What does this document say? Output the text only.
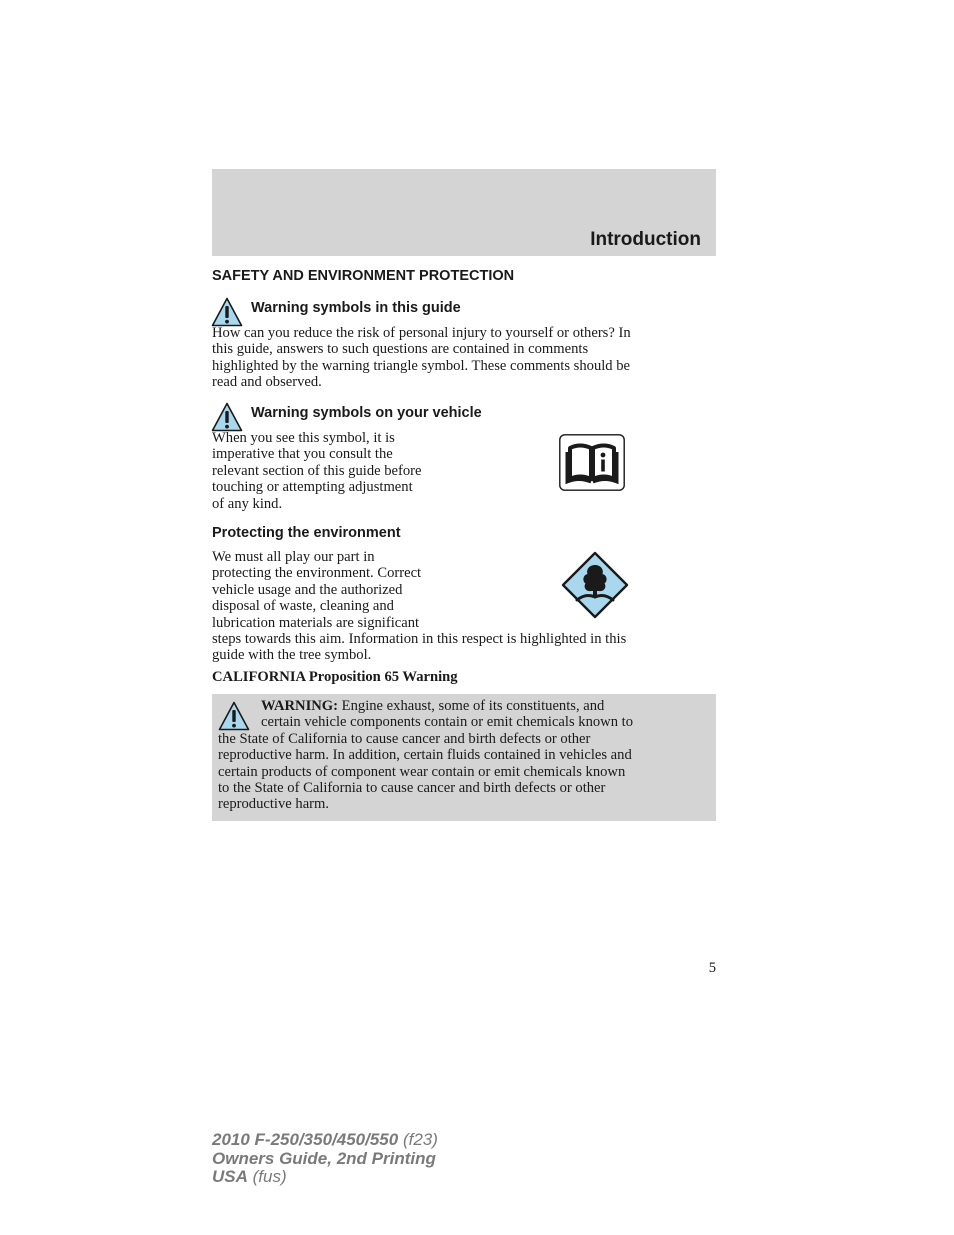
Introduction
SAFETY AND ENVIRONMENT PROTECTION
Warning symbols in this guide
How can you reduce the risk of personal injury to yourself or others? In
this guide, answers to such questions are contained in comments
highlighted by the warning triangle symbol. These comments should be
read and observed.
Warning symbols on your vehicle
When you see this symbol, it is
imperative that you consult the
relevant section of this guide before
touching or attempting adjustment
of any kind.
Protecting the environment
We must all play our part in
protecting the environment. Correct
vehicle usage and the authorized
disposal of waste, cleaning and
lubrication materials are significant
steps towards this aim. Information in this respect is highlighted in this
guide with the tree symbol.
CALIFORNIA Proposition 65 Warning
WARNING: Engine exhaust, some of its constituents, and
certain vehicle components contain or emit chemicals known to
the State of California to cause cancer and birth defects or other
reproductive harm. In addition, certain fluids contained in vehicles and
certain products of component wear contain or emit chemicals known
to the State of California to cause cancer and birth defects or other
reproductive harm.
5
2010 F-250/350/450/550 (f23)
Owners Guide, 2nd Printing
USA (fus)
